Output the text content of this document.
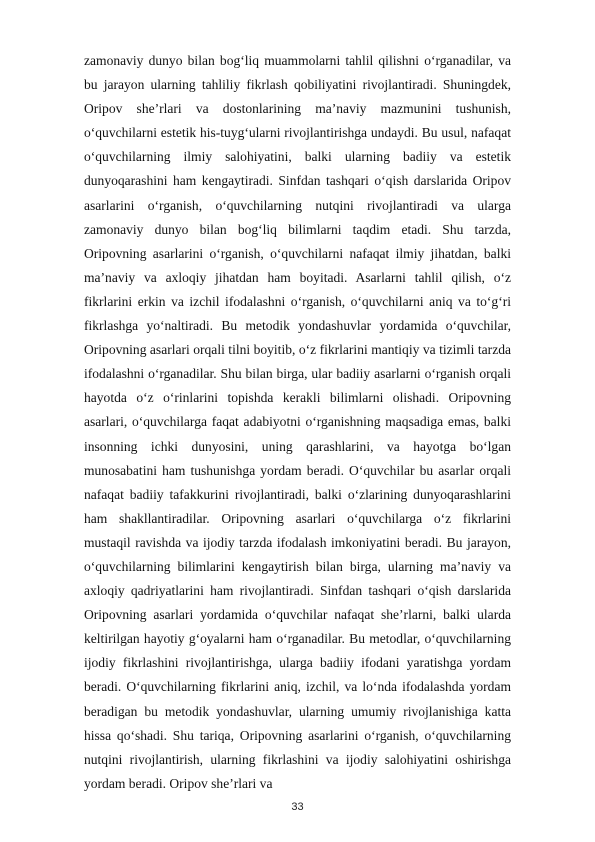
zamonaviy dunyo bilan bog‘liq muammolarni tahlil qilishni o‘rganadilar, va bu jarayon ularning tahliliy fikrlash qobiliyatini rivojlantiradi. Shuningdek, Oripov she’rlari va dostonlarining ma’naviy mazmunini tushunish, o‘quvchilarni estetik his-tuyg‘ularni rivojlantirishga undaydi. Bu usul, nafaqat o‘quvchilarning ilmiy salohiyatini, balki ularning badiiy va estetik dunyoqarashini ham kengaytiradi. Sinfdan tashqari o‘qish darslarida Oripov asarlarini o‘rganish, o‘quvchilarning nutqini rivojlantiradi va ularga zamonaviy dunyo bilan bog‘liq bilimlarni taqdim etadi. Shu tarzda, Oripovning asarlarini o‘rganish, o‘quvchilarni nafaqat ilmiy jihatdan, balki ma’naviy va axloqiy jihatdan ham boyitadi. Asarlarni tahlil qilish, o‘z fikrlarini erkin va izchil ifodalashni o‘rganish, o‘quvchilarni aniq va to‘g‘ri fikrlashga yo‘naltiradi. Bu metodik yondashuvlar yordamida o‘quvchilar, Oripovning asarlari orqali tilni boyitib, o‘z fikrlarini mantiqiy va tizimli tarzda ifodalashni o‘rganadilar. Shu bilan birga, ular badiiy asarlarni o‘rganish orqali hayotda o‘z o‘rinlarini topishda kerakli bilimlarni olishadi. Oripovning asarlari, o‘quvchilarga faqat adabiyotni o‘rganishning maqsadiga emas, balki insonning ichki dunyosini, uning qarashlarini, va hayotga bo‘lgan munosabatini ham tushunishga yordam beradi. O‘quvchilar bu asarlar orqali nafaqat badiiy tafakkurini rivojlantiradi, balki o‘zlarining dunyoqarashlarini ham shakllantiradilar. Oripovning asarlari o‘quvchilarga o‘z fikrlarini mustaqil ravishda va ijodiy tarzda ifodalash imkoniyatini beradi. Bu jarayon, o‘quvchilarning bilimlarini kengaytirish bilan birga, ularning ma’naviy va axloqiy qadriyatlarini ham rivojlantiradi. Sinfdan tashqari o‘qish darslarida Oripovning asarlari yordamida o‘quvchilar nafaqat she’rlarni, balki ularda keltirilgan hayotiy g‘oyalarni ham o‘rganadilar. Bu metodlar, o‘quvchilarning ijodiy fikrlashini rivojlantirishga, ularga badiiy ifodani yaratishga yordam beradi. O‘quvchilarning fikrlarini aniq, izchil, va lo‘nda ifodalashda yordam beradigan bu metodik yondashuvlar, ularning umumiy rivojlanishiga katta hissa qo‘shadi. Shu tariqa, Oripovning asarlarini o‘rganish, o‘quvchilarning nutqini rivojlantirish, ularning fikrlashini va ijodiy salohiyatini oshirishga yordam beradi. Oripov she’rlari va

33
